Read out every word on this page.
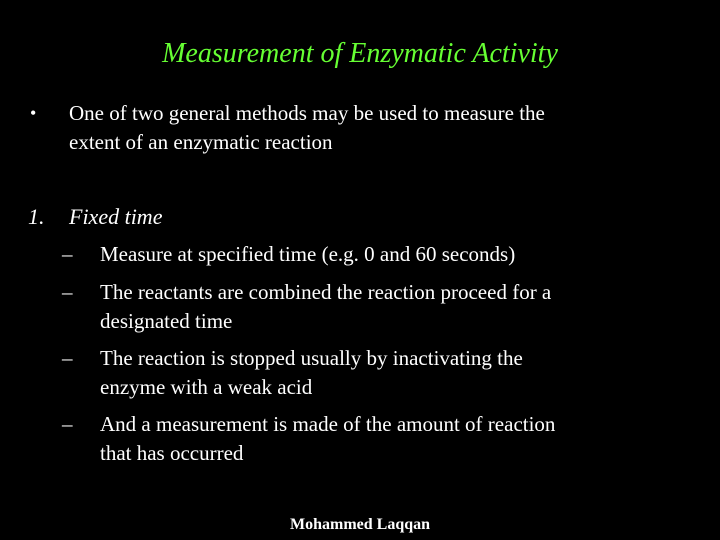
Measurement of Enzymatic Activity
• One of two general methods may be used to measure the
extent of an enzymatic reaction
1. Fixed time
– Measure at specified time (e.g. 0 and 60 seconds)
– The reactants are combined the reaction proceed for a
designated time
– The reaction is stopped usually by inactivating the
enzyme with a weak acid
– And a measurement is made of the amount of reaction
that has occurred
Mohammed Laqqan
